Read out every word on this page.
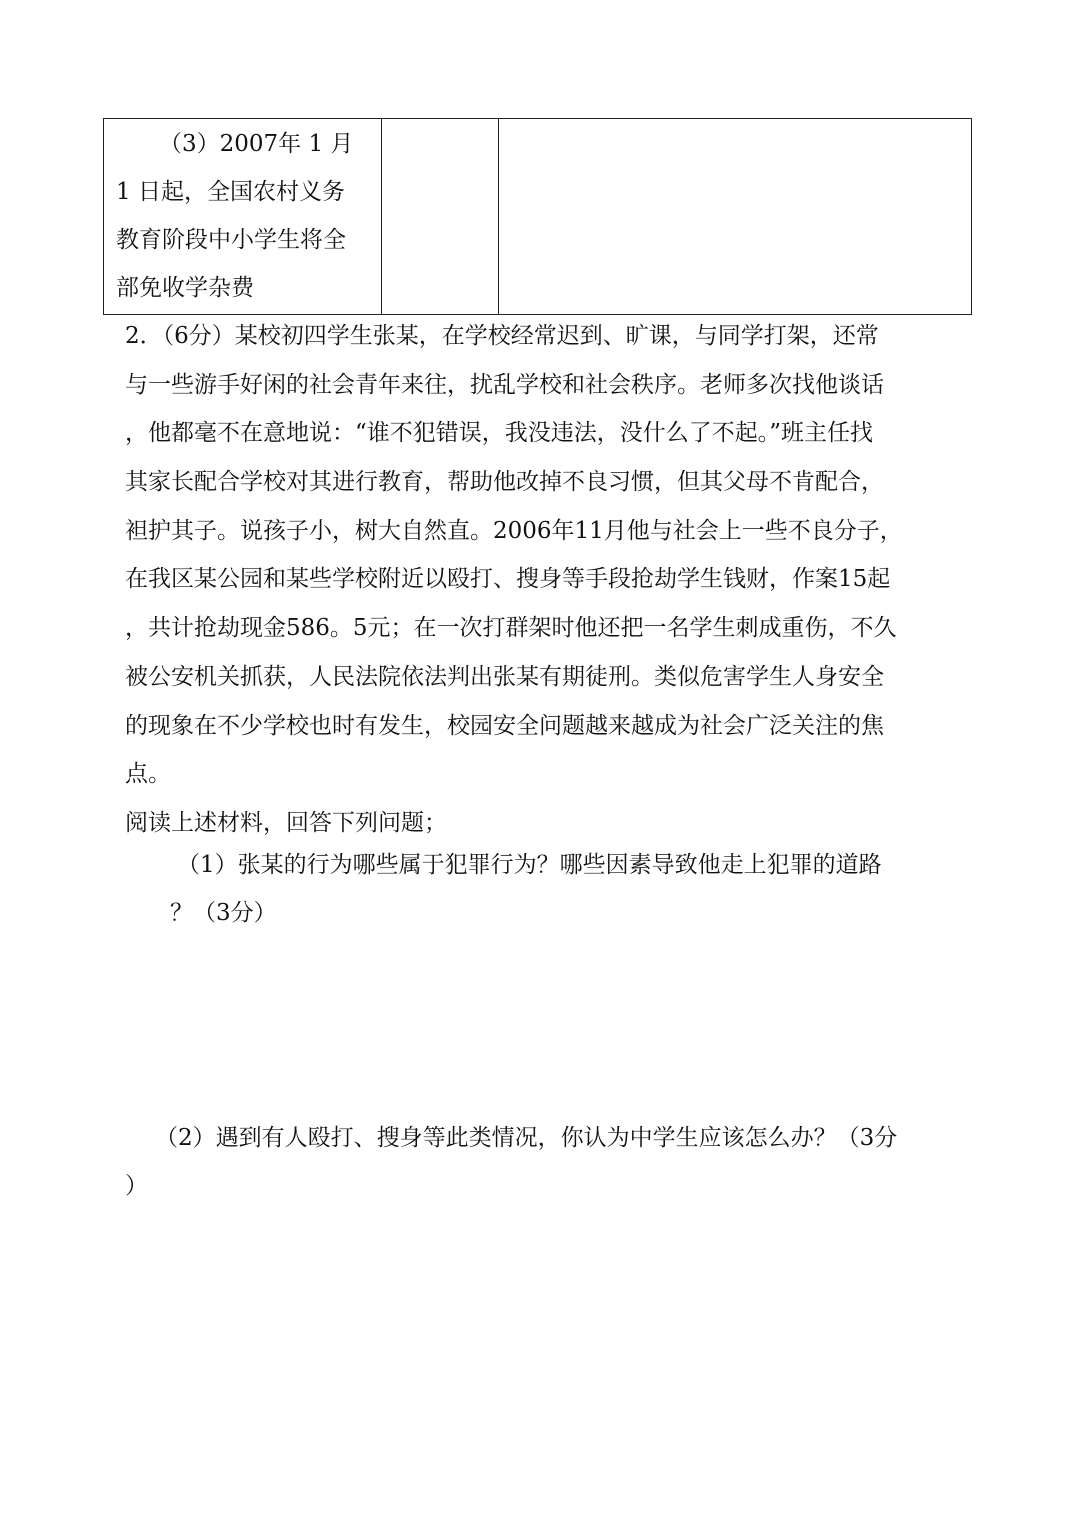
（3）2007年 1 月
1 日起，全国农村义务
教育阶段中小学生将全
部免收学杂费

2．（6分）某校初四学生张某，在学校经常迟到、旷课，与同学打架，还常
与一些游手好闲的社会青年来往，扰乱学校和社会秩序。老师多次找他谈话
，他都毫不在意地说：“谁不犯错误，我没违法，没什么了不起。”班主任找
其家长配合学校对其进行教育，帮助他改掉不良习惯，但其父母不肯配合，
袒护其子。说孩子小，树大自然直。2006年11月他与社会上一些不良分子，
在我区某公园和某些学校附近以殴打、搜身等手段抢劫学生钱财，作案15起
，共计抢劫现金586。5元；在一次打群架时他还把一名学生刺成重伤，不久
被公安机关抓获，人民法院依法判出张某有期徒刑。类似危害学生人身安全
的现象在不少学校也时有发生，校园安全问题越来越成为社会广泛关注的焦
点。
阅读上述材料，回答下列问题；
（1）张某的行为哪些属于犯罪行为？哪些因素导致他走上犯罪的道路
？（3分）
（2）遇到有人殴打、搜身等此类情况，你认为中学生应该怎么办？（3分
）
